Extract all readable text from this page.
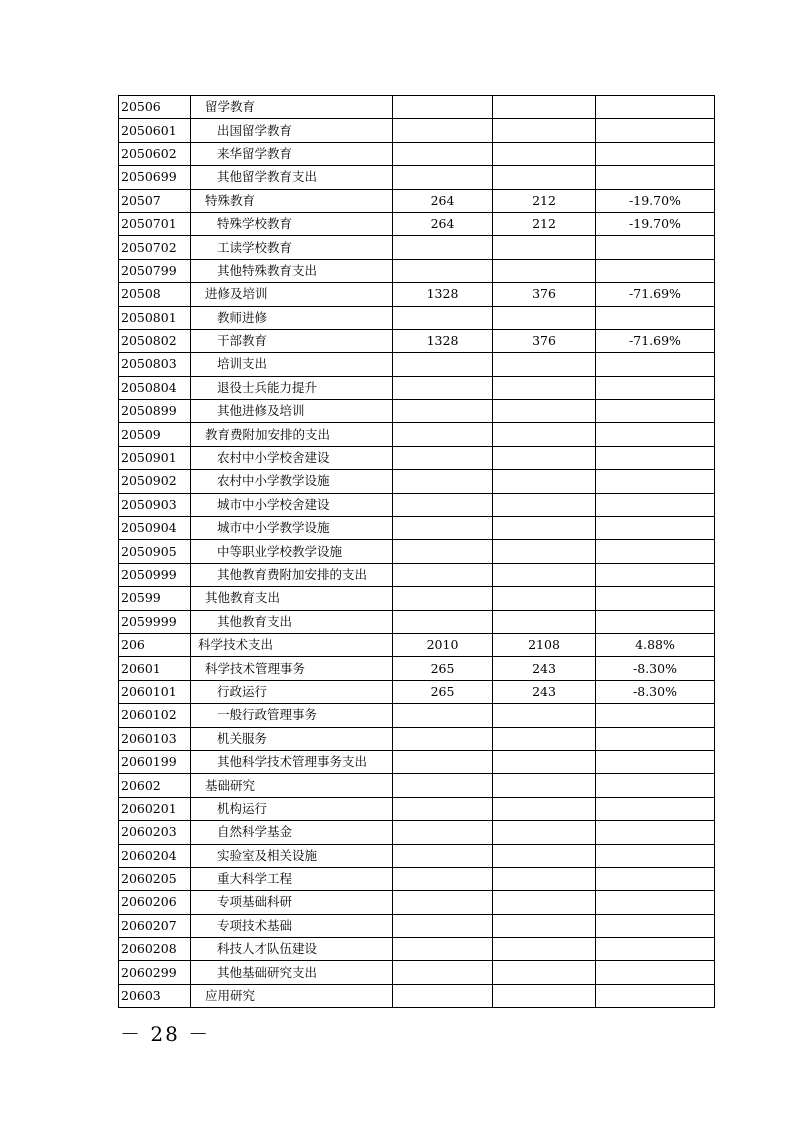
20506	留学教育			
2050601	出国留学教育			
2050602	来华留学教育			
2050699	其他留学教育支出			
20507	特殊教育	264	212	-19.70%
2050701	特殊学校教育	264	212	-19.70%
2050702	工读学校教育			
2050799	其他特殊教育支出			
20508	进修及培训	1328	376	-71.69%
2050801	教师进修			
2050802	干部教育	1328	376	-71.69%
2050803	培训支出			
2050804	退役士兵能力提升			
2050899	其他进修及培训			
20509	教育费附加安排的支出			
2050901	农村中小学校舍建设			
2050902	农村中小学教学设施			
2050903	城市中小学校舍建设			
2050904	城市中小学教学设施			
2050905	中等职业学校教学设施			
2050999	其他教育费附加安排的支出			
20599	其他教育支出			
2059999	其他教育支出			
206	科学技术支出	2010	2108	4.88%
20601	科学技术管理事务	265	243	-8.30%
2060101	行政运行	265	243	-8.30%
2060102	一般行政管理事务			
2060103	机关服务			
2060199	其他科学技术管理事务支出			
20602	基础研究			
2060201	机构运行			
2060203	自然科学基金			
2060204	实验室及相关设施			
2060205	重大科学工程			
2060206	专项基础科研			
2060207	专项技术基础			
2060208	科技人才队伍建设			
2060299	其他基础研究支出			
20603	应用研究			
－ 28 －
